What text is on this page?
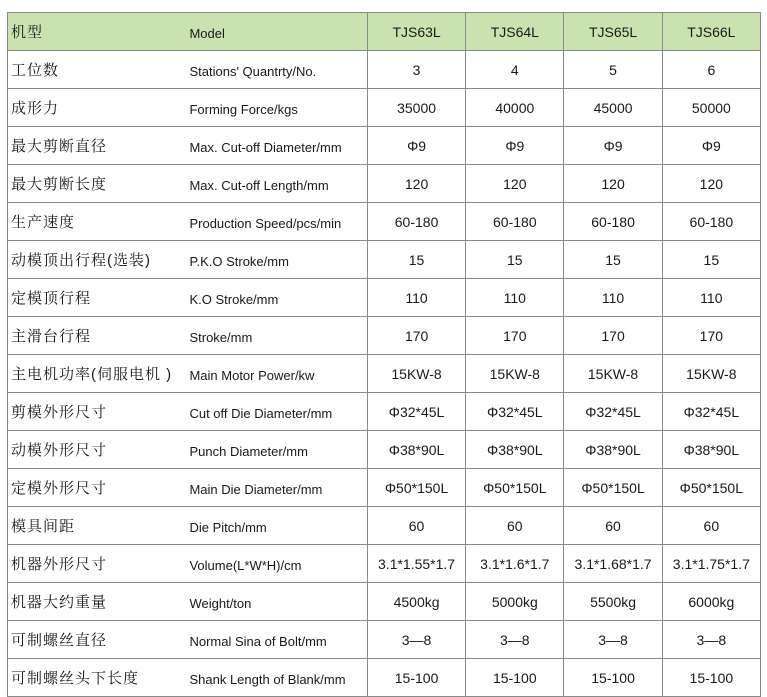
机型	Model	TJS63L	TJS64L	TJS65L	TJS66L
工位数	Stations' Quantrty/No.	3	4	5	6
成形力	Forming Force/kgs	35000	40000	45000	50000
最大剪断直径	Max. Cut-off Diameter/mm	Φ9	Φ9	Φ9	Φ9
最大剪断长度	Max. Cut-off Length/mm	120	120	120	120
生产速度	Production Speed/pcs/min	60-180	60-180	60-180	60-180
动模顶出行程(选装)	P.K.O Stroke/mm	15	15	15	15
定模顶行程	K.O Stroke/mm	110	110	110	110
主滑台行程	Stroke/mm	170	170	170	170
主电机功率(伺服电机 )	Main Motor Power/kw	15KW-8	15KW-8	15KW-8	15KW-8
剪模外形尺寸	Cut off Die Diameter/mm	Φ32*45L	Φ32*45L	Φ32*45L	Φ32*45L
动模外形尺寸	Punch Diameter/mm	Φ38*90L	Φ38*90L	Φ38*90L	Φ38*90L
定模外形尺寸	Main Die Diameter/mm	Φ50*150L	Φ50*150L	Φ50*150L	Φ50*150L
模具间距	Die Pitch/mm	60	60	60	60
机器外形尺寸	Volume(L*W*H)/cm	3.1*1.55*1.7	3.1*1.6*1.7	3.1*1.68*1.7	3.1*1.75*1.7
机器大约重量	Weight/ton	4500kg	5000kg	5500kg	6000kg
可制螺丝直径	Normal Sina of Bolt/mm	3—8	3—8	3—8	3—8
可制螺丝头下长度	Shank Length of Blank/mm	15-100	15-100	15-100	15-100
